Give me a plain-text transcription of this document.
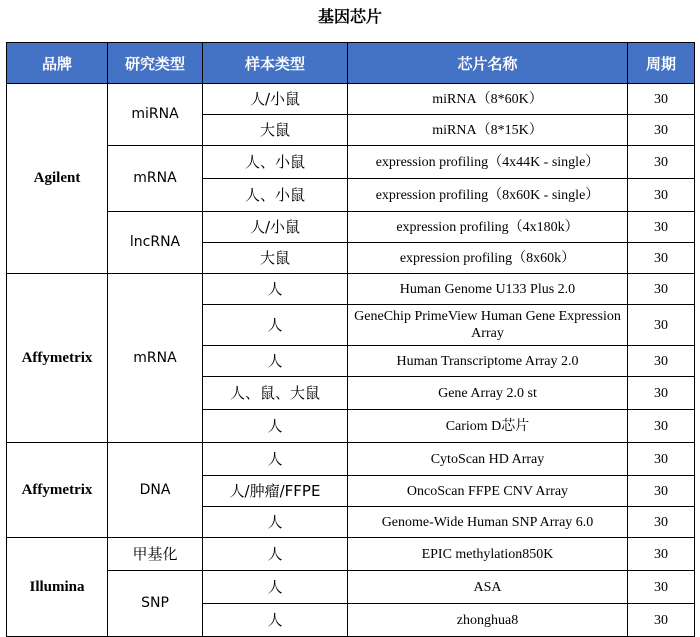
基因芯片
品牌	研究类型	样本类型	芯片名称	周期
Agilent	miRNA	人/小鼠	miRNA（8*60K）	30
		大鼠	miRNA（8*15K）	30
	mRNA	人、小鼠	expression profiling（4x44K - single）	30
		人、小鼠	expression profiling（8x60K - single）	30
	lncRNA	人/小鼠	expression profiling（4x180k）	30
		大鼠	expression profiling（8x60k）	30
Affymetrix	mRNA	人	Human Genome U133 Plus 2.0	30
		人	GeneChip PrimeView Human Gene Expression Array	30
		人	Human Transcriptome Array 2.0	30
		人、鼠、大鼠	Gene Array 2.0 st	30
		人	Cariom D芯片	30
Affymetrix	DNA	人	CytoScan HD Array	30
		人/肿瘤/FFPE	OncoScan FFPE CNV Array	30
		人	Genome-Wide Human SNP Array 6.0	30
Illumina	甲基化	人	EPIC methylation850K	30
	SNP	人	ASA	30
		人	zhonghua8	30
